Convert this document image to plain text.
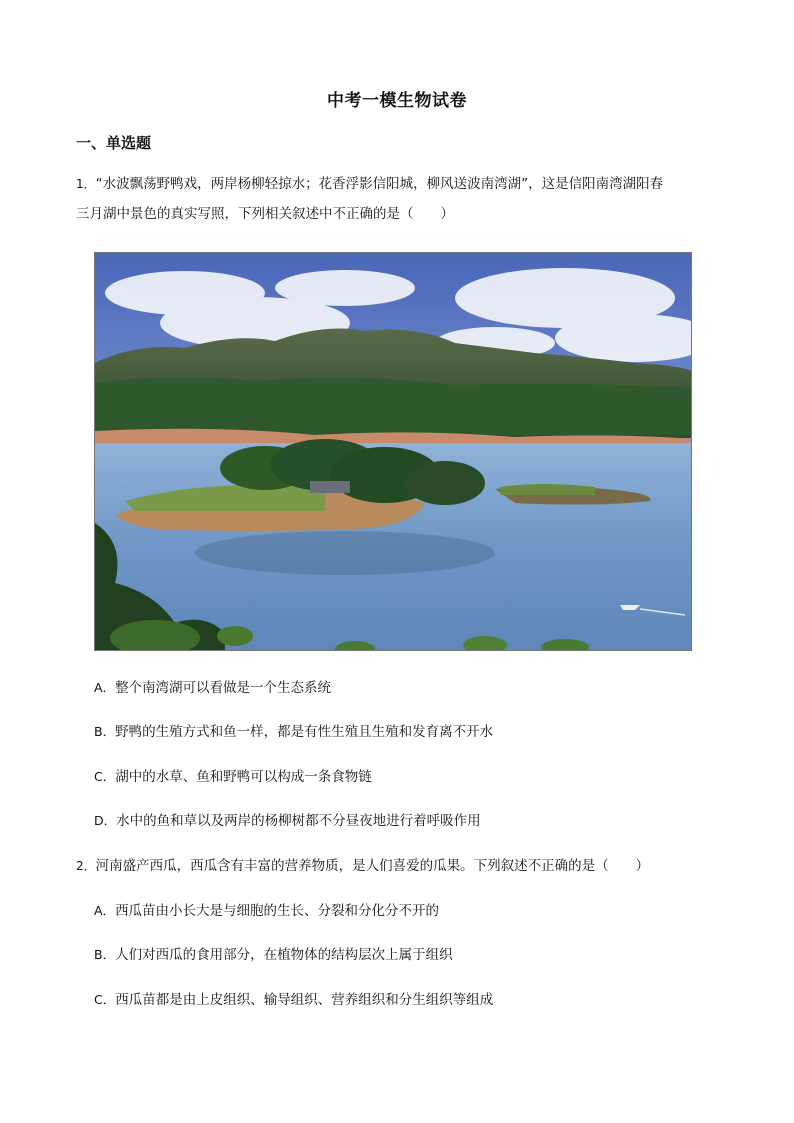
中考一模生物试卷
一、单选题
1．“水波飘荡野鸭戏，两岸杨柳轻掠水；花香浮影信阳城，柳风送波南湾湖”，这是信阳南湾湖阳春
三月湖中景色的真实写照，下列相关叙述中不正确的是（　　）
A．整个南湾湖可以看做是一个生态系统
B．野鸭的生殖方式和鱼一样，都是有性生殖且生殖和发育离不开水
C．湖中的水草、鱼和野鸭可以构成一条食物链
D．水中的鱼和草以及两岸的杨柳树都不分昼夜地进行着呼吸作用
2．河南盛产西瓜，西瓜含有丰富的营养物质，是人们喜爱的瓜果。下列叙述不正确的是（　　）
A．西瓜苗由小长大是与细胞的生长、分裂和分化分不开的
B．人们对西瓜的食用部分，在植物体的结构层次上属于组织
C．西瓜苗都是由上皮组织、输导组织、营养组织和分生组织等组成
